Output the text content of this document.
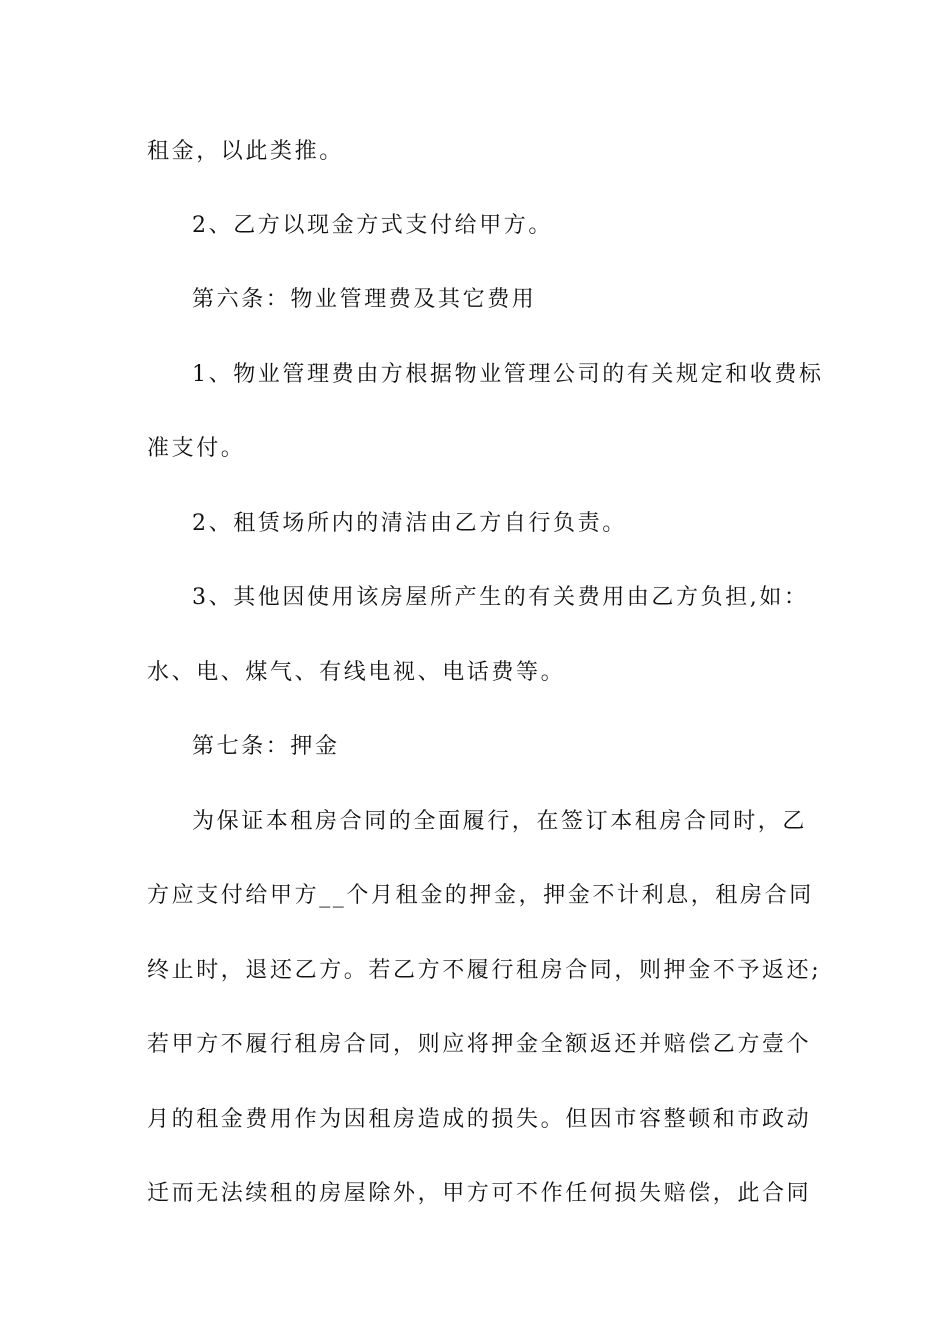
租金，以此类推。
2、乙方以现金方式支付给甲方。
第六条：物业管理费及其它费用
1、物业管理费由方根据物业管理公司的有关规定和收费标
准支付。
2、租赁场所内的清洁由乙方自行负责。
3、其他因使用该房屋所产生的有关费用由乙方负担,如：
水、电、煤气、有线电视、电话费等。
第七条：押金
为保证本租房合同的全面履行，在签订本租房合同时，乙
方应支付给甲方__个月租金的押金，押金不计利息，租房合同
终止时，退还乙方。若乙方不履行租房合同，则押金不予返还;
若甲方不履行租房合同，则应将押金全额返还并赔偿乙方壹个
月的租金费用作为因租房造成的损失。但因市容整顿和市政动
迁而无法续租的房屋除外，甲方可不作任何损失赔偿，此合同
